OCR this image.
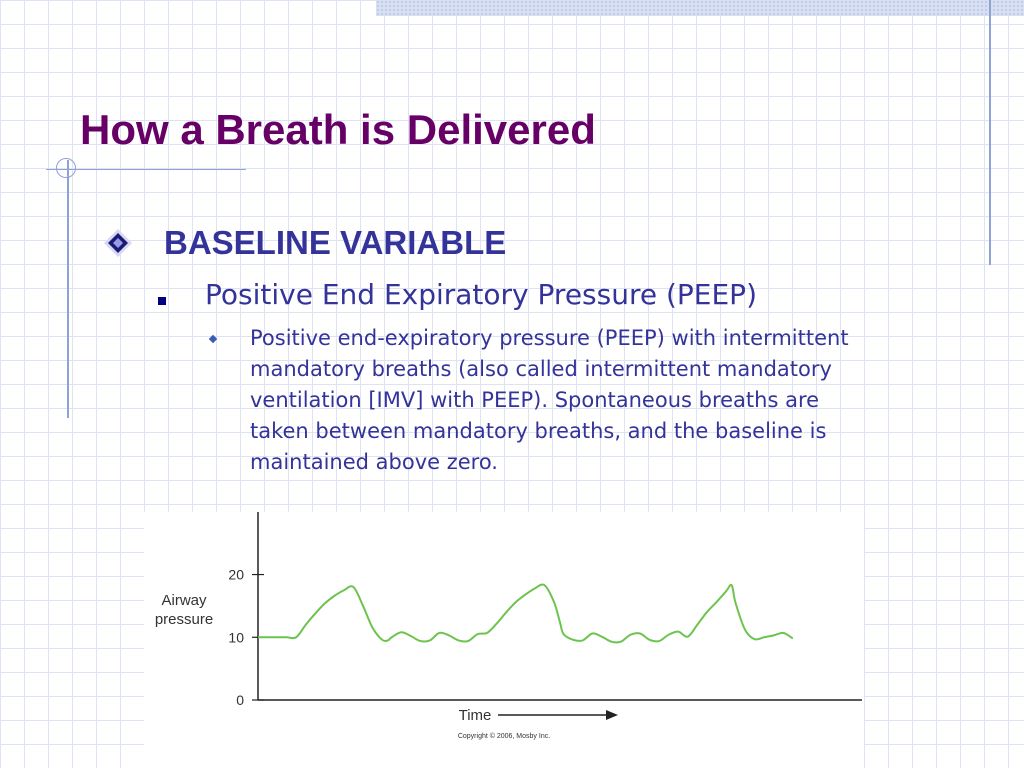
How a Breath is Delivered
BASELINE VARIABLE
Positive End Expiratory Pressure (PEEP)
Positive end-expiratory pressure (PEEP) with intermittent
mandatory breaths (also called intermittent mandatory
ventilation [IMV] with PEEP). Spontaneous breaths are
taken between mandatory breaths, and the baseline is
maintained above zero.
0
10
20
Airway
pressure
Time
Copyright © 2006, Mosby Inc.
